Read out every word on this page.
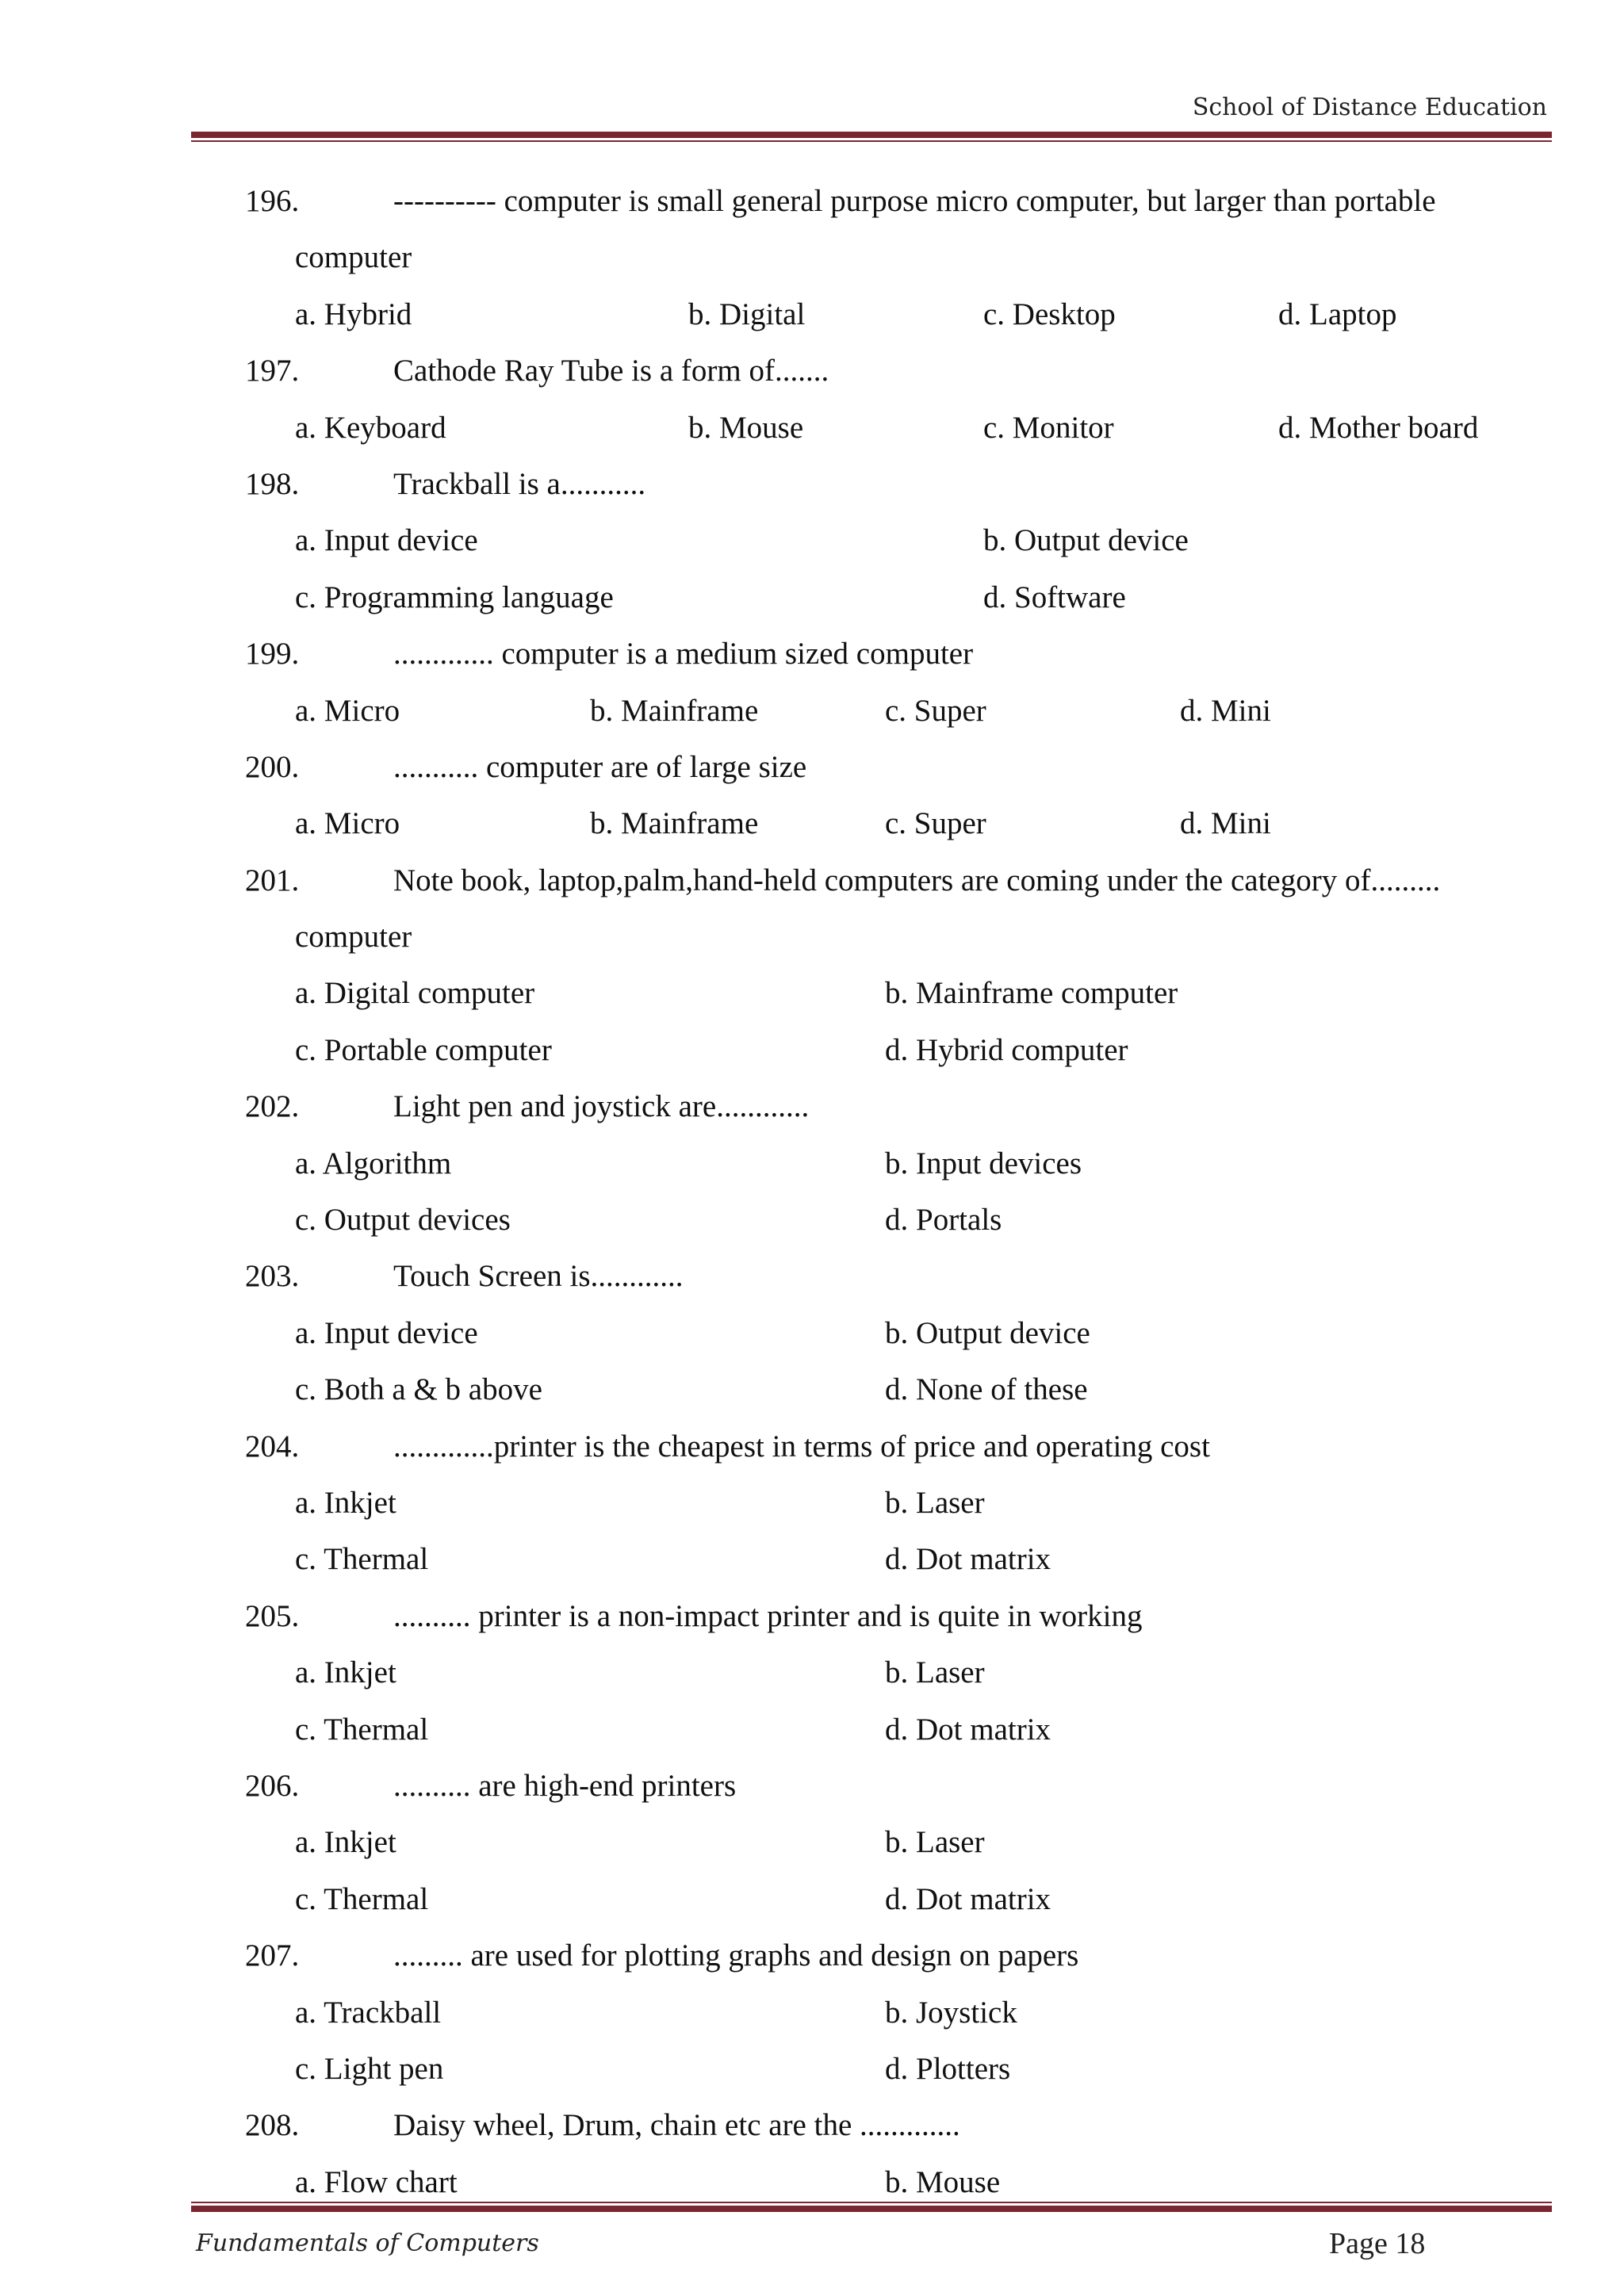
School of Distance Education
196.	---------- computer is small general purpose micro computer, but larger than portable
computer
a. Hybrid	b. Digital	c. Desktop	d. Laptop
197.	Cathode Ray Tube is a form of.......
a. Keyboard	b. Mouse	c. Monitor	d. Mother board
198.	Trackball is a...........
a. Input device	b. Output device
c. Programming language	d. Software
199.	............. computer is a medium sized computer
a. Micro	b. Mainframe	c. Super	d. Mini
200.	........... computer are of large size
a. Micro	b. Mainframe	c. Super	d. Mini
201.	Note book, laptop,palm,hand-held computers are coming under the category of.........
computer
a. Digital computer	b. Mainframe computer
c. Portable computer	d. Hybrid computer
202.	Light pen and joystick are............
a. Algorithm	b. Input devices
c. Output devices	d. Portals
203.	Touch Screen is............
a. Input device	b. Output device
c. Both a & b above	d. None of these
204.	.............printer is the cheapest in terms of price and operating cost
a. Inkjet	b. Laser
c. Thermal	d. Dot matrix
205.	.......... printer is a non-impact printer and is quite in working
a. Inkjet	b. Laser
c. Thermal	d. Dot matrix
206.	.......... are high-end printers
a. Inkjet	b. Laser
c. Thermal	d. Dot matrix
207.	......... are used for plotting graphs and design on papers
a. Trackball	b. Joystick
c. Light pen	d. Plotters
208.	Daisy wheel, Drum, chain etc are the .............
a. Flow chart	b. Mouse
Fundamentals of Computers	Page 18
